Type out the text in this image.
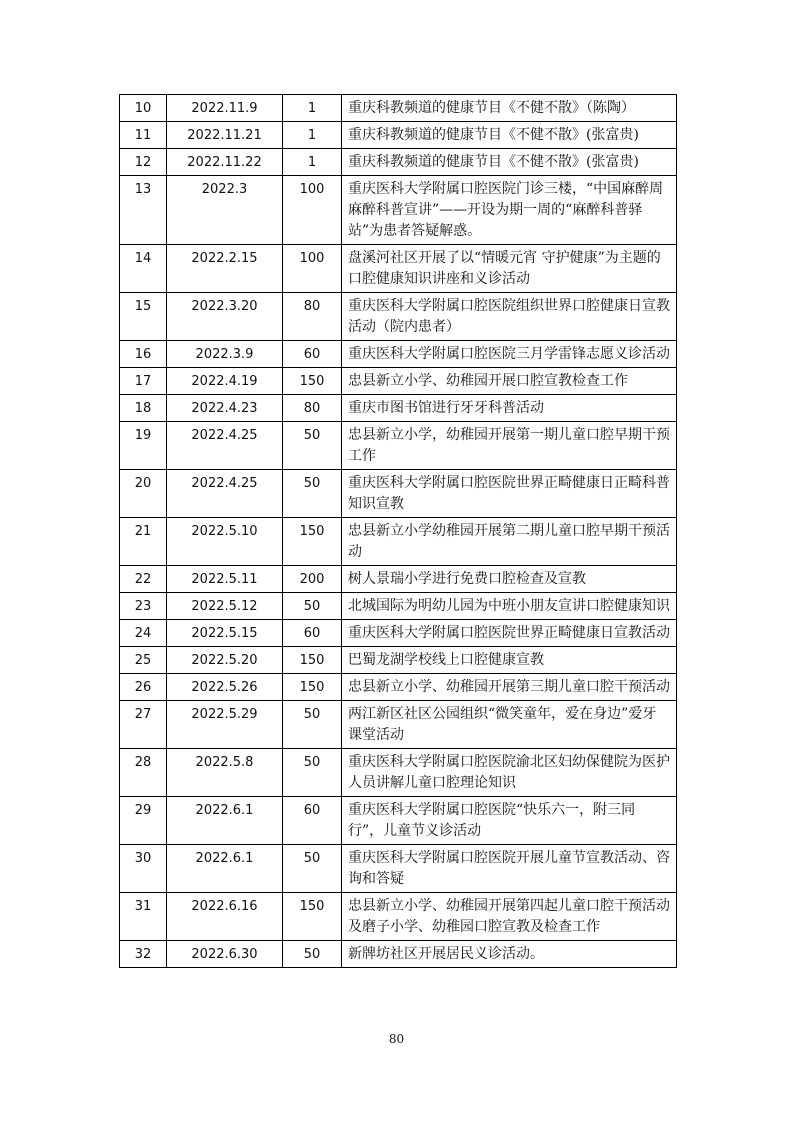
10	2022.11.9	1	重庆科教频道的健康节目《不健不散》（陈陶）
11	2022.11.21	1	重庆科教频道的健康节目《不健不散》(张富贵)
12	2022.11.22	1	重庆科教频道的健康节目《不健不散》(张富贵)
13	2022.3	100	重庆医科大学附属口腔医院门诊三楼，“中国麻醉周麻醉科普宣讲”——开设为期一周的“麻醉科普驿站”为患者答疑解惑。
14	2022.2.15	100	盘溪河社区开展了以“情暖元宵 守护健康”为主题的口腔健康知识讲座和义诊活动
15	2022.3.20	80	重庆医科大学附属口腔医院组织世界口腔健康日宣教活动（院内患者）
16	2022.3.9	60	重庆医科大学附属口腔医院三月学雷锋志愿义诊活动
17	2022.4.19	150	忠县新立小学、幼稚园开展口腔宣教检查工作
18	2022.4.23	80	重庆市图书馆进行牙牙科普活动
19	2022.4.25	50	忠县新立小学，幼稚园开展第一期儿童口腔早期干预工作
20	2022.4.25	50	重庆医科大学附属口腔医院世界正畸健康日正畸科普知识宣教
21	2022.5.10	150	忠县新立小学幼稚园开展第二期儿童口腔早期干预活动
22	2022.5.11	200	树人景瑞小学进行免费口腔检查及宣教
23	2022.5.12	50	北城国际为明幼儿园为中班小朋友宣讲口腔健康知识
24	2022.5.15	60	重庆医科大学附属口腔医院世界正畸健康日宣教活动
25	2022.5.20	150	巴蜀龙湖学校线上口腔健康宣教
26	2022.5.26	150	忠县新立小学、幼稚园开展第三期儿童口腔干预活动
27	2022.5.29	50	两江新区社区公园组织“微笑童年，爱在身边”爱牙课堂活动
28	2022.5.8	50	重庆医科大学附属口腔医院渝北区妇幼保健院为医护人员讲解儿童口腔理论知识
29	2022.6.1	60	重庆医科大学附属口腔医院“快乐六一，附三同行”，儿童节义诊活动
30	2022.6.1	50	重庆医科大学附属口腔医院开展儿童节宣教活动、咨询和答疑
31	2022.6.16	150	忠县新立小学、幼稚园开展第四起儿童口腔干预活动及磨子小学、幼稚园口腔宣教及检查工作
32	2022.6.30	50	新牌坊社区开展居民义诊活动。
80
